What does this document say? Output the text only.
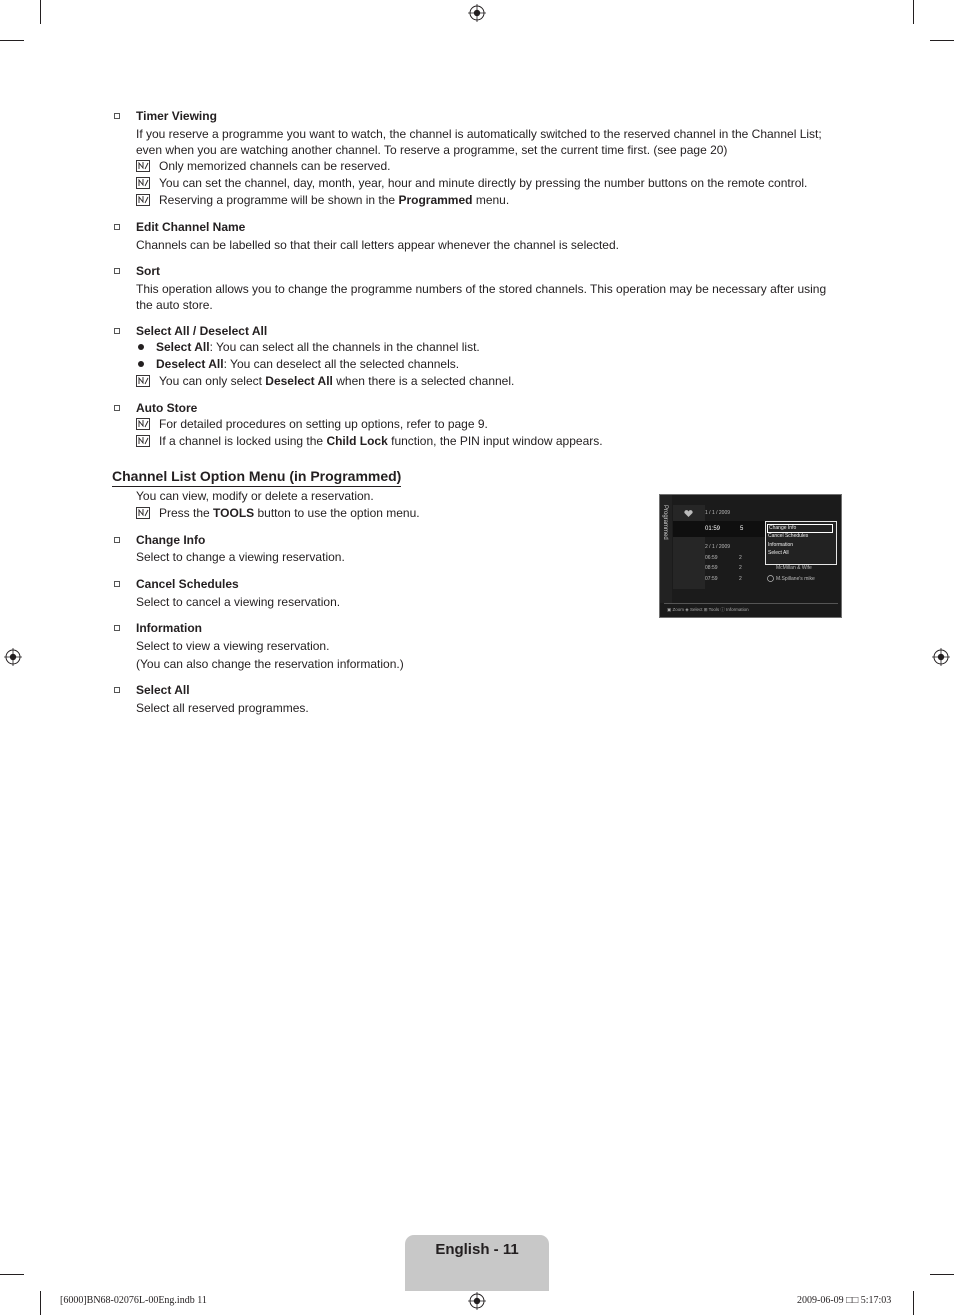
Timer Viewing
If you reserve a programme you want to watch, the channel is automatically switched to the reserved channel in the Channel List; even when you are watching another channel. To reserve a programme, set the current time first. (see page 20)
Only memorized channels can be reserved.
You can set the channel, day, month, year, hour and minute directly by pressing the number buttons on the remote control.
Reserving a programme will be shown in the Programmed menu.
Edit Channel Name
Channels can be labelled so that their call letters appear whenever the channel is selected.
Sort
This operation allows you to change the programme numbers of the stored channels. This operation may be necessary after using the auto store.
Select All / Deselect All
Select All: You can select all the channels in the channel list.
Deselect All: You can deselect all the selected channels.
You can only select Deselect All when there is a selected channel.
Auto Store
For detailed procedures on setting up options, refer to page 9.
If a channel is locked using the Child Lock function, the PIN input window appears.
Channel List Option Menu (in Programmed)
You can view, modify or delete a reservation.
Press the TOOLS button to use the option menu.
Change Info
Select to change a viewing reservation.
Cancel Schedules
Select to cancel a viewing reservation.
Information
Select to view a viewing reservation.
(You can also change the reservation information.)
Select All
Select all reserved programmes.
Programmed	1 / 1 / 2009
01:59	5
2 / 1 / 2009
06:59	2
08:59	2	McMillan & Wife
07:59	2	M.Spillane's mike
Change Info
Cancel Schedules
Information
Select All
▣ Zoom ◈ Select ⊞ Tools ⓘ Information
English - 11
[6000]BN68-02076L-00Eng.indb 11	2009-06-09 □□ 5:17:03
